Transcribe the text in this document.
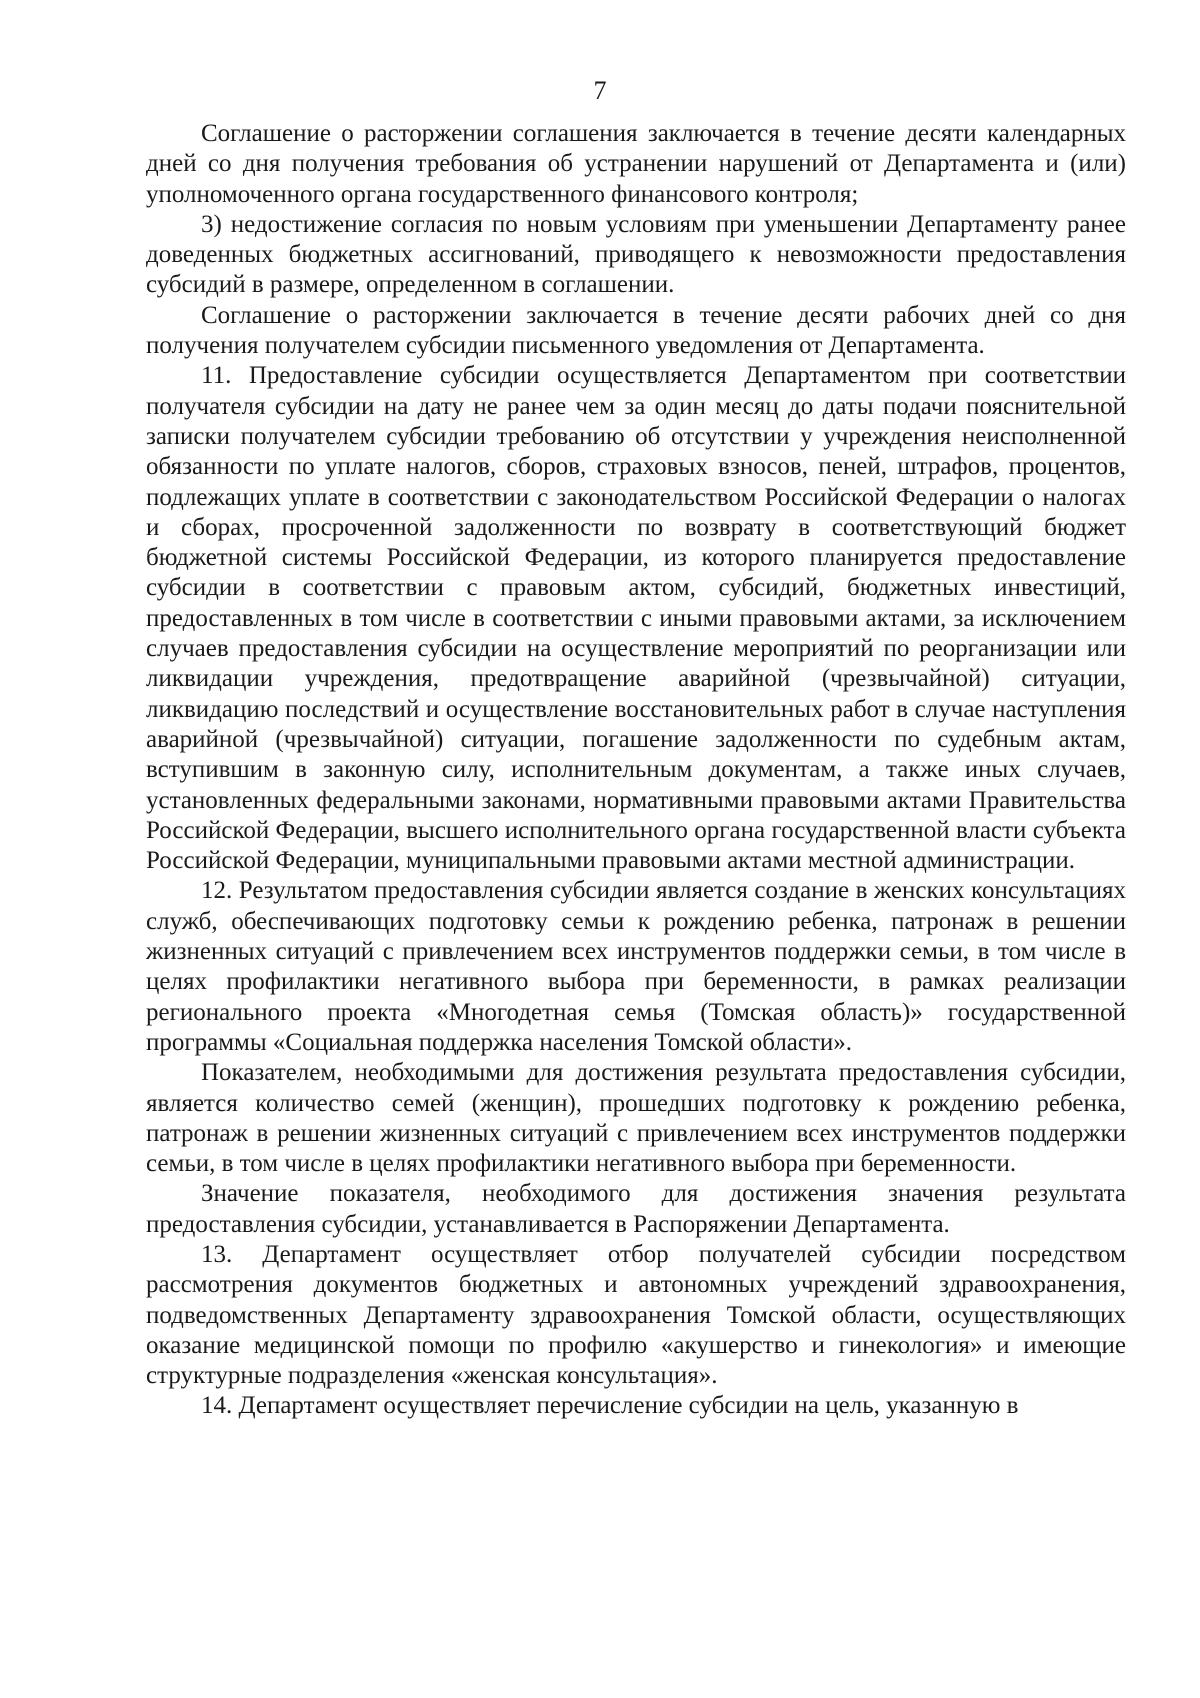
7

Соглашение о расторжении соглашения заключается в течение десяти календарных дней со дня получения требования об устранении нарушений от Департамента и (или) уполномоченного органа государственного финансового контроля;

3) недостижение согласия по новым условиям при уменьшении Департаменту ранее доведенных бюджетных ассигнований, приводящего к невозможности предоставления субсидий в размере, определенном в соглашении.

Соглашение о расторжении заключается в течение десяти рабочих дней со дня получения получателем субсидии письменного уведомления от Департамента.

11. Предоставление субсидии осуществляется Департаментом при соответствии получателя субсидии на дату не ранее чем за один месяц до даты подачи пояснительной записки получателем субсидии требованию об отсутствии у учреждения неисполненной обязанности по уплате налогов, сборов, страховых взносов, пеней, штрафов, процентов, подлежащих уплате в соответствии с законодательством Российской Федерации о налогах и сборах, просроченной задолженности по возврату в соответствующий бюджет бюджетной системы Российской Федерации, из которого планируется предоставление субсидии в соответствии с правовым актом, субсидий, бюджетных инвестиций, предоставленных в том числе в соответствии с иными правовыми актами, за исключением случаев предоставления субсидии на осуществление мероприятий по реорганизации или ликвидации учреждения, предотвращение аварийной (чрезвычайной) ситуации, ликвидацию последствий и осуществление восстановительных работ в случае наступления аварийной (чрезвычайной) ситуации, погашение задолженности по судебным актам, вступившим в законную силу, исполнительным документам, а также иных случаев, установленных федеральными законами, нормативными правовыми актами Правительства Российской Федерации, высшего исполнительного органа государственной власти субъекта Российской Федерации, муниципальными правовыми актами местной администрации.

12. Результатом предоставления субсидии является создание в женских консультациях служб, обеспечивающих подготовку семьи к рождению ребенка, патронаж в решении жизненных ситуаций с привлечением всех инструментов поддержки семьи, в том числе в целях профилактики негативного выбора при беременности, в рамках реализации регионального проекта «Многодетная семья (Томская область)» государственной программы «Социальная поддержка населения Томской области».

Показателем, необходимыми для достижения результата предоставления субсидии, является количество семей (женщин), прошедших подготовку к рождению ребенка, патронаж в решении жизненных ситуаций с привлечением всех инструментов поддержки семьи, в том числе в целях профилактики негативного выбора при беременности.

Значение показателя, необходимого для достижения значения результата предоставления субсидии, устанавливается в Распоряжении Департамента.

13. Департамент осуществляет отбор получателей субсидии посредством рассмотрения документов бюджетных и автономных учреждений здравоохранения, подведомственных Департаменту здравоохранения Томской области, осуществляющих оказание медицинской помощи по профилю «акушерство и гинекология» и имеющие структурные подразделения «женская консультация».

14. Департамент осуществляет перечисление субсидии на цель, указанную в
